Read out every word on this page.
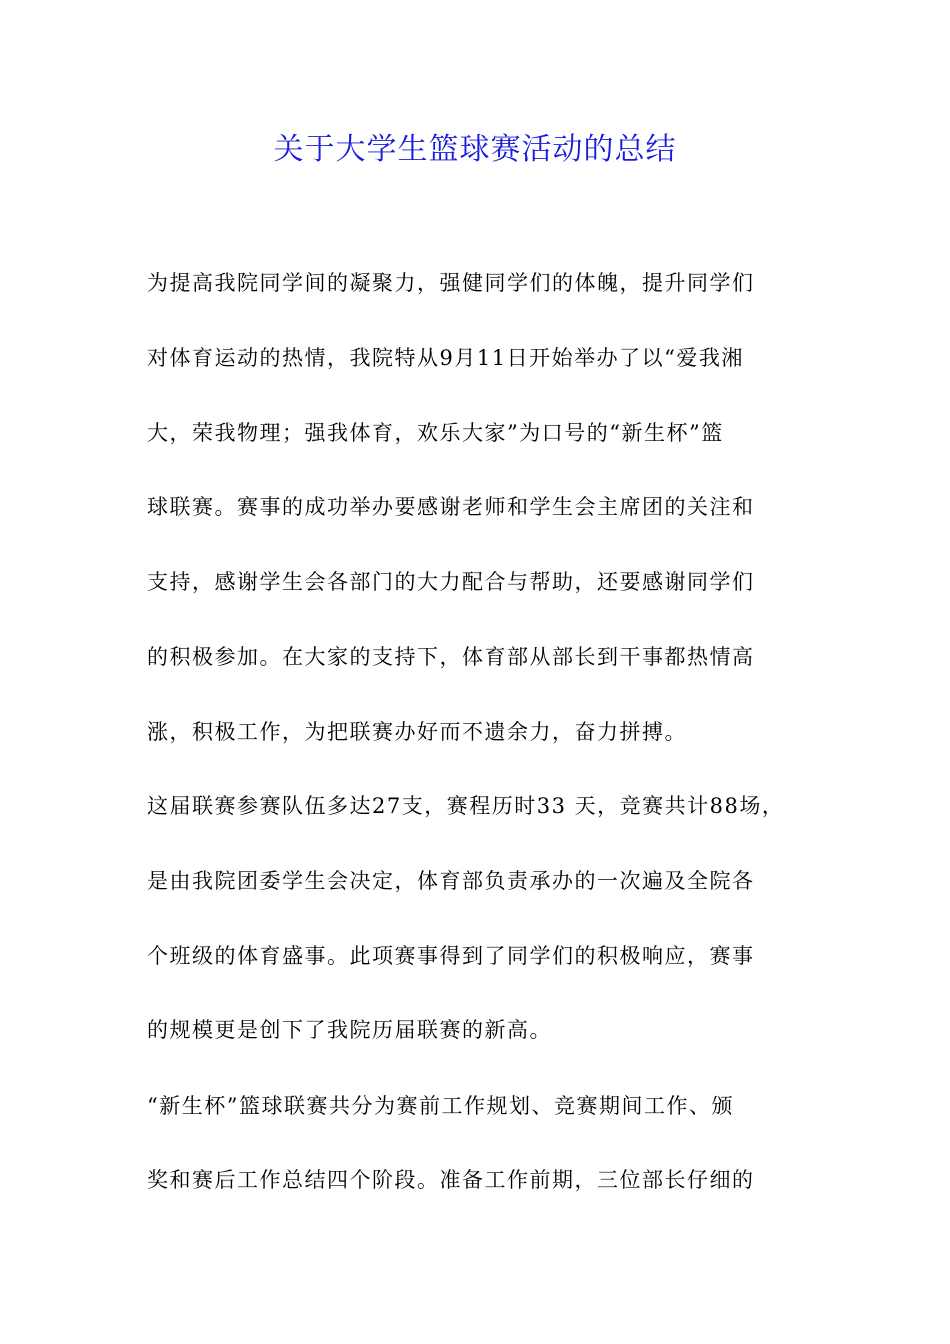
关于大学生篮球赛活动的总结

为提高我院同学间的凝聚力，强健同学们的体魄，提升同学们

对体育运动的热情，我院特从9月11日开始举办了以“爱我湘

大，荣我物理；强我体育，欢乐大家”为口号的“新生杯”篮

球联赛。赛事的成功举办要感谢老师和学生会主席团的关注和

支持，感谢学生会各部门的大力配合与帮助，还要感谢同学们

的积极参加。在大家的支持下，体育部从部长到干事都热情高

涨，积极工作，为把联赛办好而不遗余力，奋力拼搏。

这届联赛参赛队伍多达27支，赛程历时33 天，竞赛共计88场，

是由我院团委学生会决定，体育部负责承办的一次遍及全院各

个班级的体育盛事。此项赛事得到了同学们的积极响应，赛事

的规模更是创下了我院历届联赛的新高。

“新生杯”篮球联赛共分为赛前工作规划、竞赛期间工作、颁

奖和赛后工作总结四个阶段。准备工作前期，三位部长仔细的
